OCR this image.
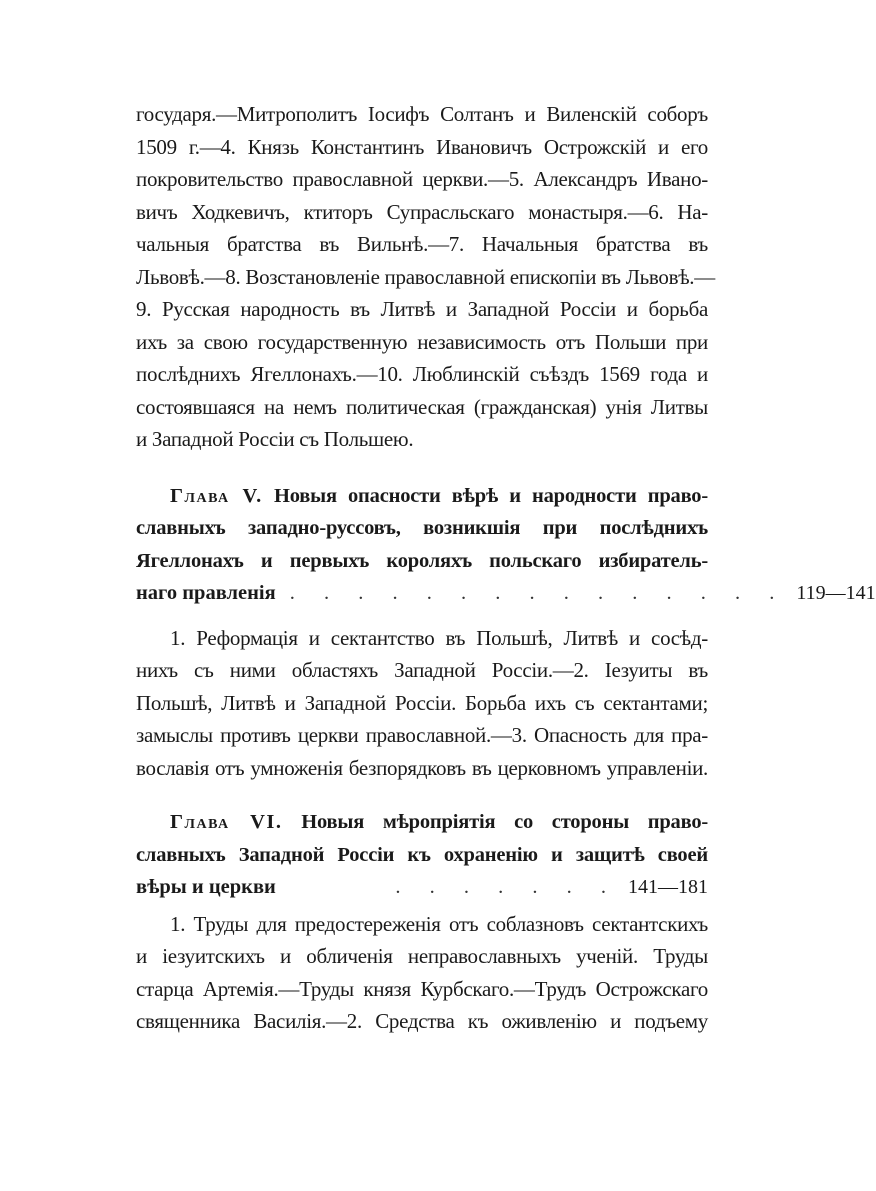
государя.—Митрополитъ Іосифъ Солтанъ и Виленскій соборъ
1509 г.—4. Князь Константинъ Ивановичъ Острожскій и его
покровительство православной церкви.—5. Александръ Ивано-
вичъ Ходкевичъ, ктиторъ Супрасльскаго монастыря.—6. На-
чальныя братства въ Вильнѣ.—7. Начальныя братства въ
Львовѣ.—8. Возстановленіе православной епископіи въ Львовѣ.—
9. Русская народность въ Литвѣ и Западной Россіи и борьба
ихъ за свою государственную независимость отъ Польши при
послѣднихъ Ягеллонахъ.—10. Люблинскій съѣздъ 1569 года и
состоявшаяся на немъ политическая (гражданская) унія Литвы
и Западной Россіи съ Польшею.
Глава V. Новыя опасности вѣрѣ и народности право-
славныхъ западно-руссовъ, возникшія при послѣднихъ
Ягеллонахъ и первыхъ короляхъ польскаго избиратель-
наго правленія . . . . . . . . . . . . . . . 119—141
1. Реформація и сектантство въ Польшѣ, Литвѣ и сосѣд-
нихъ съ ними областяхъ Западной Россіи.—2. Іезуиты въ
Польшѣ, Литвѣ и Западной Россіи. Борьба ихъ съ сектантами;
замыслы противъ церкви православной.—3. Опасность для пра-
вославія отъ умноженія безпорядковъ въ церковномъ управленіи.
Глава VI. Новыя мѣропріятія со стороны право-
славныхъ Западной Россіи къ охраненію и защитѣ своей
вѣры и церкви	. . . . . . . 141—181
1. Труды для предостереженія отъ соблазновъ сектантскихъ
и іезуитскихъ и обличенія неправославныхъ ученій. Труды
старца Артемія.—Труды князя Курбскаго.—Трудъ Острожскаго
священника Василія.—2. Средства къ оживленію и подъему
